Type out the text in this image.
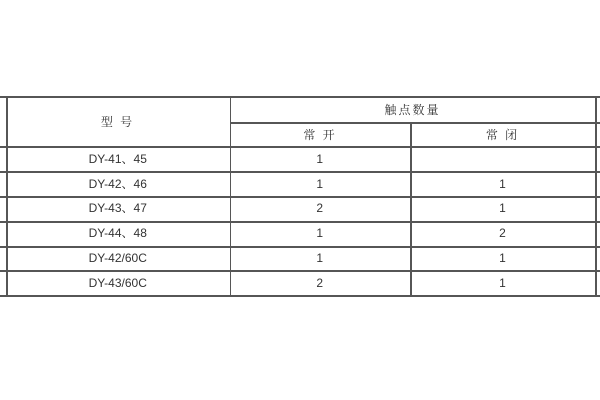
型 号
触点数量
常 开	常 闭
DY-41、45	1
DY-42、46	1	1
DY-43、47	2	1
DY-44、48	1	2
DY-42/60C	1	1
DY-43/60C	2	1
